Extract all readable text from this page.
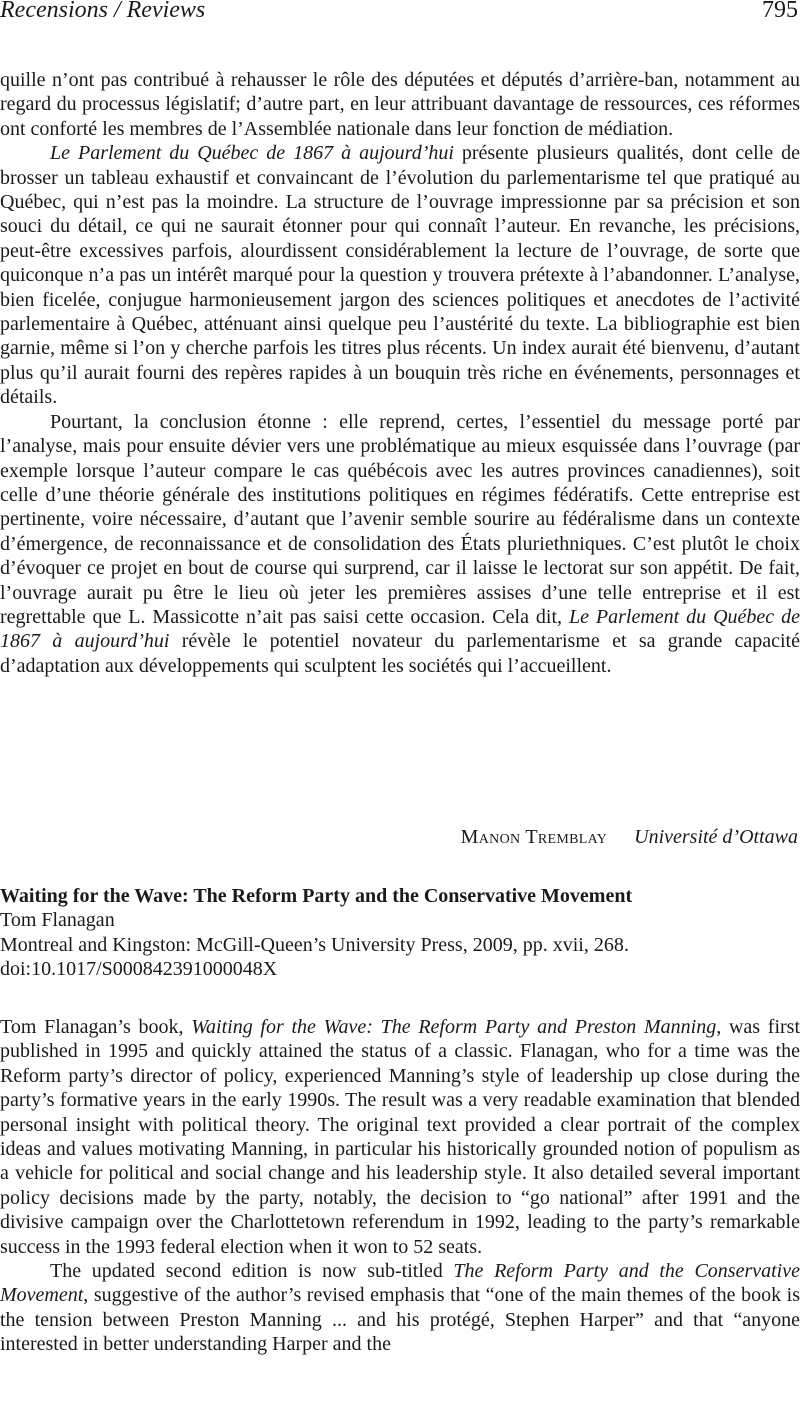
Recensions / Reviews	795

quille n’ont pas contribué à rehausser le rôle des députées et députés d’arrière-ban, notamment au regard du processus législatif; d’autre part, en leur attribuant davantage de ressources, ces réformes ont conforté les membres de l’Assemblée nationale dans leur fonction de médiation.

Le Parlement du Québec de 1867 à aujourd’hui présente plusieurs qualités, dont celle de brosser un tableau exhaustif et convaincant de l’évolution du parlementarisme tel que pratiqué au Québec, qui n’est pas la moindre. La structure de l’ouvrage impressionne par sa précision et son souci du détail, ce qui ne saurait étonner pour qui connaît l’auteur. En revanche, les précisions, peut-être excessives parfois, alourdissent considérablement la lecture de l’ouvrage, de sorte que quiconque n’a pas un intérêt marqué pour la question y trouvera prétexte à l’abandonner. L’analyse, bien ficelée, conjugue harmonieusement jargon des sciences politiques et anecdotes de l’activité parlementaire à Québec, atténuant ainsi quelque peu l’austérité du texte. La bibliographie est bien garnie, même si l’on y cherche parfois les titres plus récents. Un index aurait été bienvenu, d’autant plus qu’il aurait fourni des repères rapides à un bouquin très riche en événements, personnages et détails.

Pourtant, la conclusion étonne : elle reprend, certes, l’essentiel du message porté par l’analyse, mais pour ensuite dévier vers une problématique au mieux esquissée dans l’ouvrage (par exemple lorsque l’auteur compare le cas québécois avec les autres provinces canadiennes), soit celle d’une théorie générale des institutions politiques en régimes fédératifs. Cette entreprise est pertinente, voire nécessaire, d’autant que l’avenir semble sourire au fédéralisme dans un contexte d’émergence, de reconnaissance et de consolidation des États pluriethniques. C’est plutôt le choix d’évoquer ce projet en bout de course qui surprend, car il laisse le lectorat sur son appétit. De fait, l’ouvrage aurait pu être le lieu où jeter les premières assises d’une telle entreprise et il est regrettable que L. Massicotte n’ait pas saisi cette occasion. Cela dit, Le Parlement du Québec de 1867 à aujourd’hui révèle le potentiel novateur du parlementarisme et sa grande capacité d’adaptation aux développements qui sculptent les sociétés qui l’accueillent.

Manon Tremblay Université d’Ottawa
Waiting for the Wave: The Reform Party and the Conservative Movement
Tom Flanagan
Montreal and Kingston: McGill-Queen’s University Press, 2009, pp. xvii, 268.
doi:10.1017/S000842391000048X

Tom Flanagan’s book, Waiting for the Wave: The Reform Party and Preston Manning, was first published in 1995 and quickly attained the status of a classic. Flanagan, who for a time was the Reform party’s director of policy, experienced Manning’s style of leadership up close during the party’s formative years in the early 1990s. The result was a very readable examination that blended personal insight with political theory. The original text provided a clear portrait of the complex ideas and values motivating Manning, in particular his historically grounded notion of populism as a vehicle for political and social change and his leadership style. It also detailed several important policy decisions made by the party, notably, the decision to “go national” after 1991 and the divisive campaign over the Charlottetown referendum in 1992, leading to the party’s remarkable success in the 1993 federal election when it won to 52 seats.

The updated second edition is now sub-titled The Reform Party and the Conservative Movement, suggestive of the author’s revised emphasis that “one of the main themes of the book is the tension between Preston Manning ... and his protégé, Stephen Harper” and that “anyone interested in better understanding Harper and the
